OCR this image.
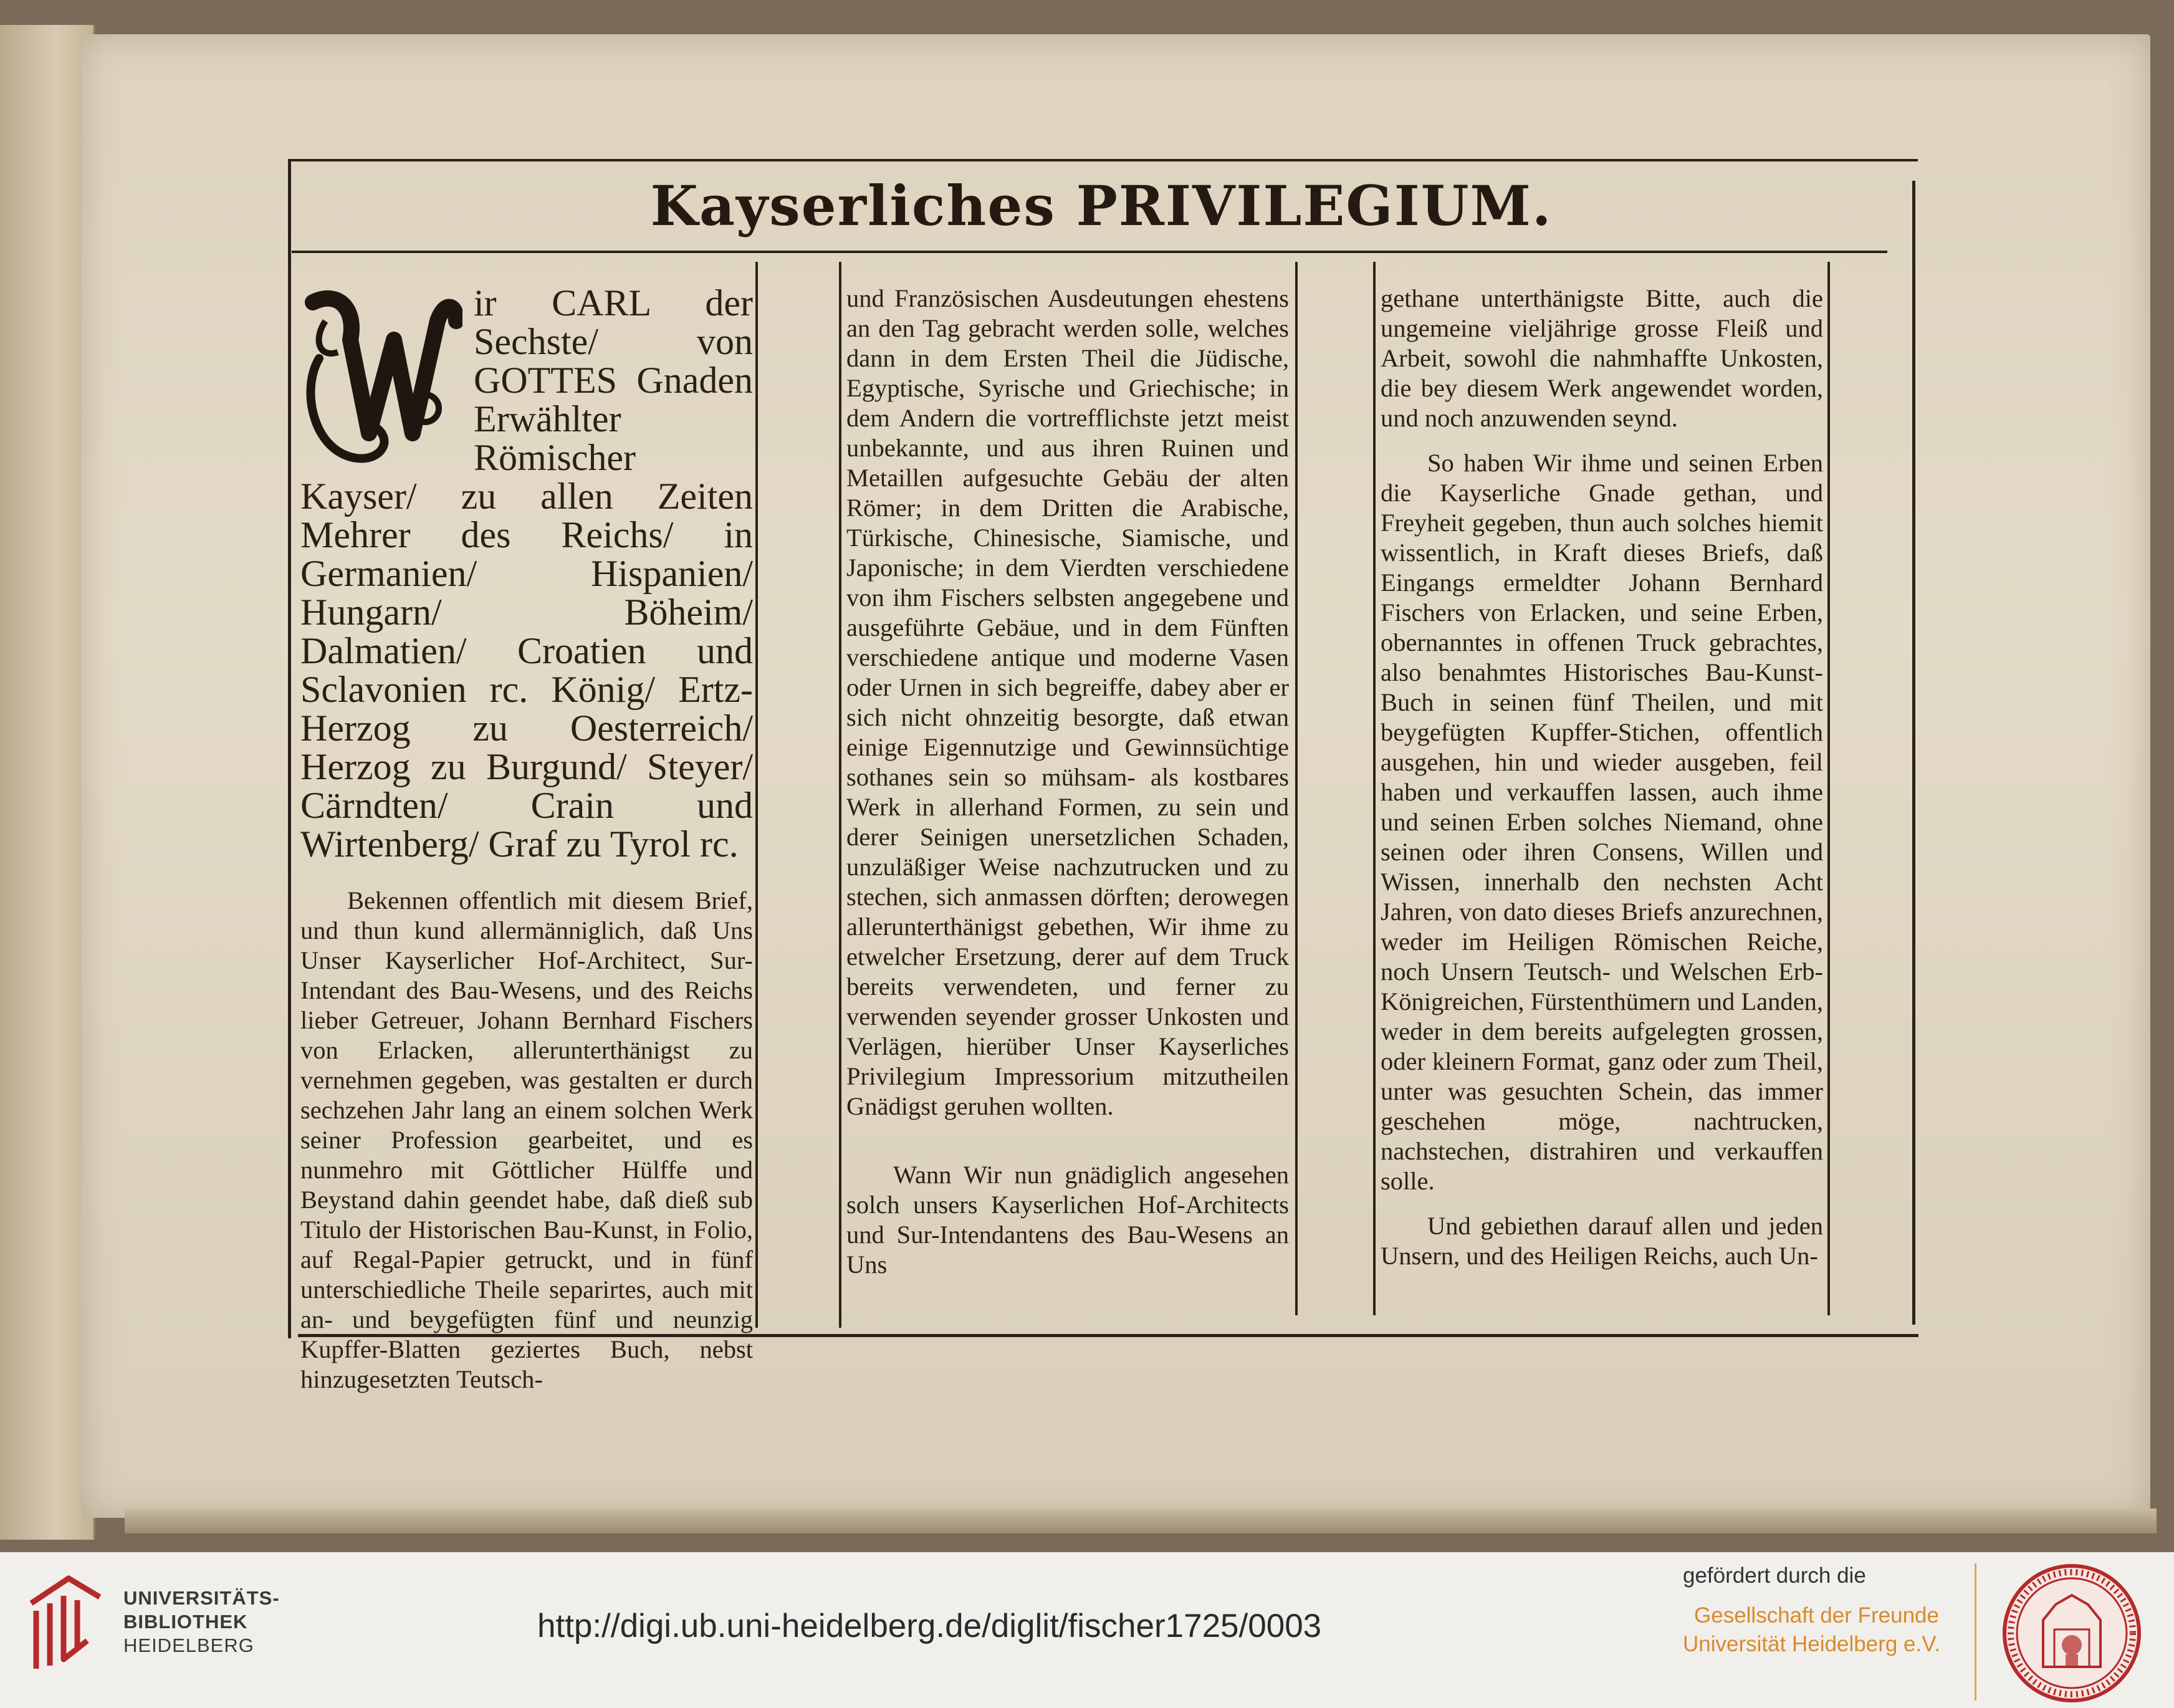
Kayserliches PRIVILEGIUM.

ir CARL der Sechste/ von GOTTES Gnaden Erwählter Römischer Kayser/ zu allen Zeiten Mehrer des Reichs/ in Germanien/ Hispanien/ Hungarn/ Böheim/ Dalmatien/ Croatien und Sclavonien rc. König/ Ertz-Herzog zu Oesterreich/ Herzog zu Burgund/ Steyer/ Cärndten/ Crain und Wirtenberg/ Graf zu Tyrol rc.

Bekennen offentlich mit diesem Brief, und thun kund allermänniglich, daß Uns Unser Kayserlicher Hof-Architect, Sur-Intendant des Bau-Wesens, und des Reichs lieber Getreuer, Johann Bernhard Fischers von Erlacken, allerunterthänigst zu vernehmen gegeben, was gestalten er durch sechzehen Jahr lang an einem solchen Werk seiner Profession gearbeitet, und es nunmehro mit Göttlicher Hülffe und Beystand dahin geendet habe, daß dieß sub Titulo der Historischen Bau-Kunst, in Folio, auf Regal-Papier getruckt, und in fünf unterschiedliche Theile separirtes, auch mit an- und beygefügten fünf und neunzig Kupffer-Blatten geziertes Buch, nebst hinzugesetzten Teutsch-

und Französischen Ausdeutungen ehestens an den Tag gebracht werden solle, welches dann in dem Ersten Theil die Jüdische, Egyptische, Syrische und Griechische; in dem Andern die vortrefflichste jetzt meist unbekannte, und aus ihren Ruinen und Metaillen aufgesuchte Gebäu der alten Römer; in dem Dritten die Arabische, Türkische, Chinesische, Siamische, und Japonische; in dem Vierdten verschiedene von ihm Fischers selbsten angegebene und ausgeführte Gebäue, und in dem Fünften verschiedene antique und moderne Vasen oder Urnen in sich begreiffe, dabey aber er sich nicht ohnzeitig besorgte, daß etwan einige Eigennutzige und Gewinnsüchtige sothanes sein so mühsam- als kostbares Werk in allerhand Formen, zu sein und derer Seinigen unersetzlichen Schaden, unzuläßiger Weise nachzutrucken und zu stechen, sich anmassen dörften; derowegen allerunterthänigst gebethen, Wir ihme zu etwelcher Ersetzung, derer auf dem Truck bereits verwendeten, und ferner zu verwenden seyender grosser Unkosten und Verlägen, hierüber Unser Kayserliches Privilegium Impressorium mitzutheilen Gnädigst geruhen wollten.

Wann Wir nun gnädiglich angesehen solch unsers Kayserlichen Hof-Architects und Sur-Intendantens des Bau-Wesens an Uns

gethane unterthänigste Bitte, auch die ungemeine vieljährige grosse Fleiß und Arbeit, sowohl die nahmhaffte Unkosten, die bey diesem Werk angewendet worden, und noch anzuwenden seynd.

So haben Wir ihme und seinen Erben die Kayserliche Gnade gethan, und Freyheit gegeben, thun auch solches hiemit wissentlich, in Kraft dieses Briefs, daß Eingangs ermeldter Johann Bernhard Fischers von Erlacken, und seine Erben, obernanntes in offenen Truck gebrachtes, also benahmtes Historisches Bau-Kunst-Buch in seinen fünf Theilen, und mit beygefügten Kupffer-Stichen, offentlich ausgehen, hin und wieder ausgeben, feil haben und verkauffen lassen, auch ihme und seinen Erben solches Niemand, ohne seinen oder ihren Consens, Willen und Wissen, innerhalb den nechsten Acht Jahren, von dato dieses Briefs anzurechnen, weder im Heiligen Römischen Reiche, noch Unsern Teutsch- und Welschen Erb-Königreichen, Fürstenthümern und Landen, weder in dem bereits aufgelegten grossen, oder kleinern Format, ganz oder zum Theil, unter was gesuchten Schein, das immer geschehen möge, nachtrucken, nachstechen, distrahiren und verkauffen solle.

Und gebiethen darauf allen und jeden Unsern, und des Heiligen Reichs, auch Un-

UNIVERSITÄTS-
BIBLIOTHEK
HEIDELBERG
http://digi.ub.uni-heidelberg.de/diglit/fischer1725/0003
gefördert durch die
Gesellschaft der Freunde
Universität Heidelberg e.V.
